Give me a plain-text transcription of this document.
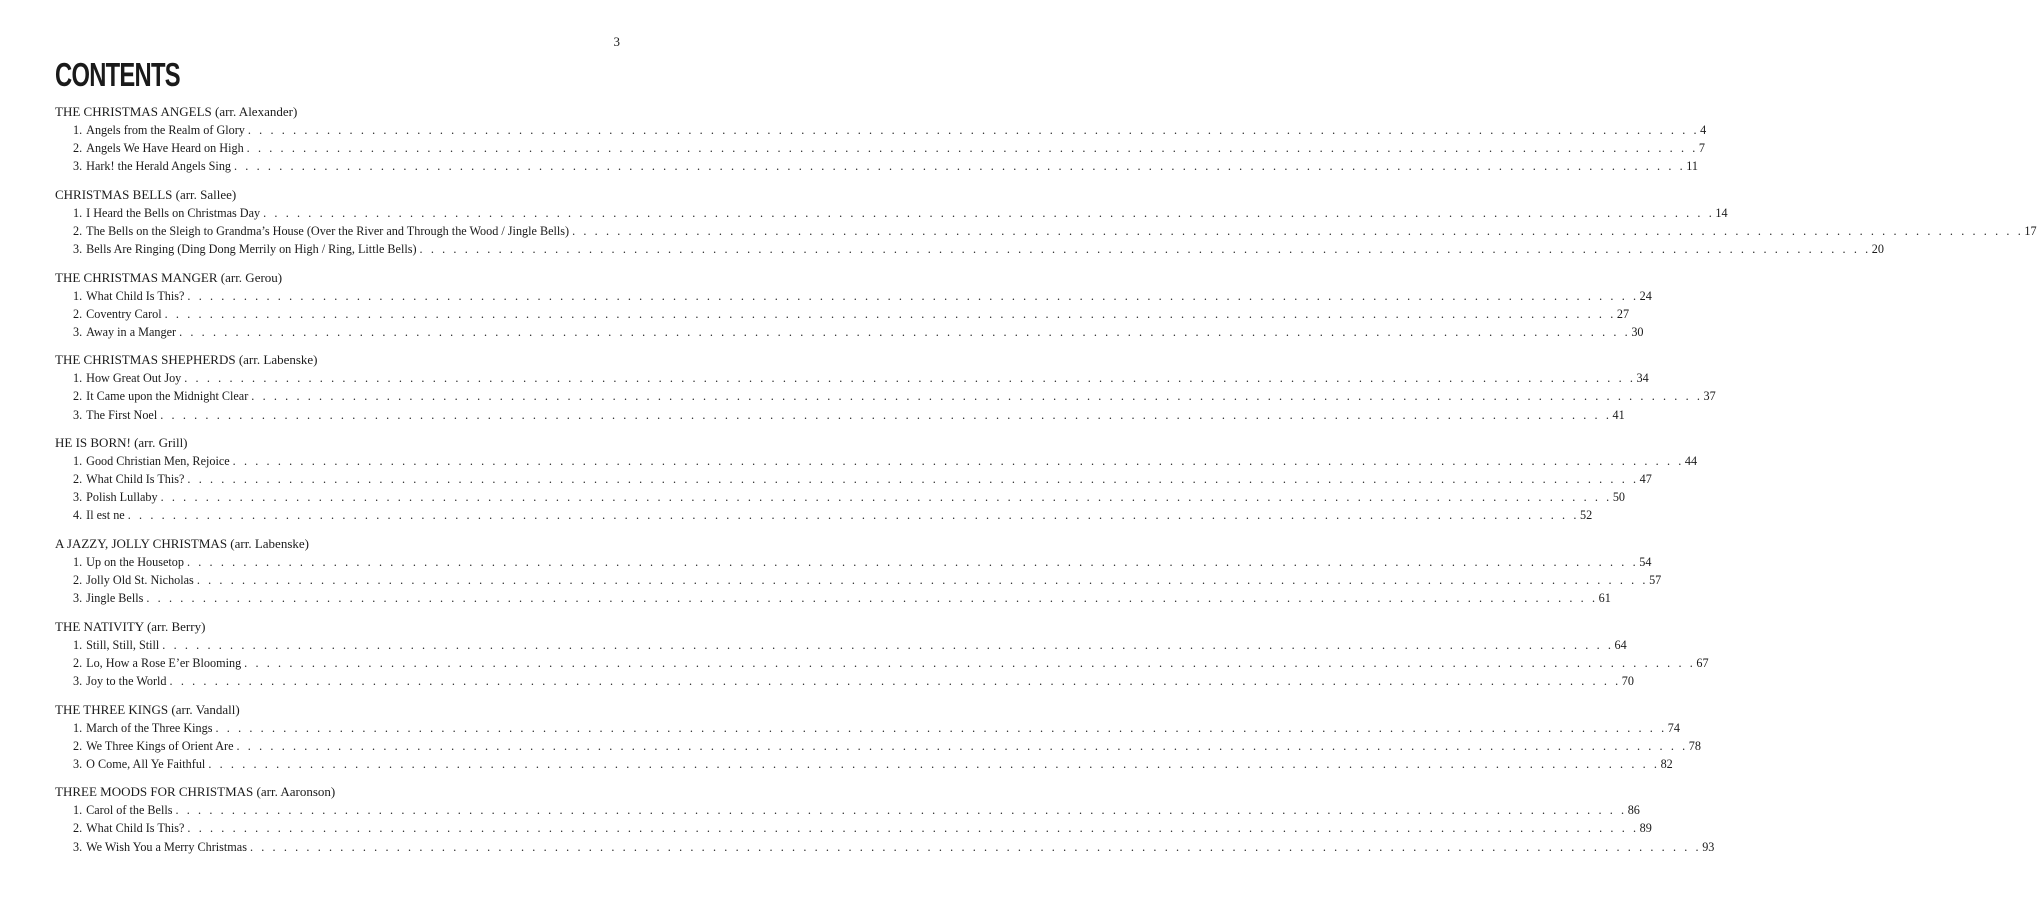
3
CONTENTS
THE CHRISTMAS ANGELS (arr. Alexander)
1. Angels from the Realm of Glory . . . . . . . . . . . . . . . . . . . . . . . . . . . . . . . . . . . . . . . . . . . . . . . . . . . . . . . . . . . . . . . . . . . . . . . . . . . . . . . . . . . . . . . . . . . . . . . . . . . . . . . . . . . . . . . . . . . . . . . . . . . . . . . . . 4
2. Angels We Have Heard on High . . . . . . . . . . . . . . . . . . . . . . . . . . . . . . . . . . . . . . . . . . . . . . . . . . . . . . . . . . . . . . . . . . . . . . . . . . . . . . . . . . . . . . . . . . . . . . . . . . . . . . . . . . . . . . . . . . . . . . . . . . . . . . . . . 7
3. Hark! the Herald Angels Sing . . . . . . . . . . . . . . . . . . . . . . . . . . . . . . . . . . . . . . . . . . . . . . . . . . . . . . . . . . . . . . . . . . . . . . . . . . . . . . . . . . . . . . . . . . . . . . . . . . . . . . . . . . . . . . . . . . . . . . . . . . . . . . . . . 11
CHRISTMAS BELLS (arr. Sallee)
1. I Heard the Bells on Christmas Day . . . . . . . . . . . . . . . . . . . . . . . . . . . . . . . . . . . . . . . . . . . . . . . . . . . . . . . . . . . . . . . . . . . . . . . . . . . . . . . . . . . . . . . . . . . . . . . . . . . . . . . . . . . . . . . . . . . . . . . . . . . . . . . . . 14
2. The Bells on the Sleigh to Grandma’s House (Over the River and Through the Wood / Jingle Bells) . . . . . . . . . . . . . . . . . . . . . . . . . . . . . . . . . . . . . . . . . . . . . . . . . . . . . . . . . . . . . . . . . . . . . . . . . . . . . . . . . . . . . . . . . . . . . . . . . . . . . . . . . . . . . . . . . . . . . . . . . . . . . . . . . 17
3. Bells Are Ringing (Ding Dong Merrily on High / Ring, Little Bells) . . . . . . . . . . . . . . . . . . . . . . . . . . . . . . . . . . . . . . . . . . . . . . . . . . . . . . . . . . . . . . . . . . . . . . . . . . . . . . . . . . . . . . . . . . . . . . . . . . . . . . . . . . . . . . . . . . . . . . . . . . . . . . . . . 20
THE CHRISTMAS MANGER (arr. Gerou)
1. What Child Is This? . . . . . . . . . . . . . . . . . . . . . . . . . . . . . . . . . . . . . . . . . . . . . . . . . . . . . . . . . . . . . . . . . . . . . . . . . . . . . . . . . . . . . . . . . . . . . . . . . . . . . . . . . . . . . . . . . . . . . . . . . . . . . . . . . 24
2. Coventry Carol . . . . . . . . . . . . . . . . . . . . . . . . . . . . . . . . . . . . . . . . . . . . . . . . . . . . . . . . . . . . . . . . . . . . . . . . . . . . . . . . . . . . . . . . . . . . . . . . . . . . . . . . . . . . . . . . . . . . . . . . . . . . . . . . . 27
3. Away in a Manger . . . . . . . . . . . . . . . . . . . . . . . . . . . . . . . . . . . . . . . . . . . . . . . . . . . . . . . . . . . . . . . . . . . . . . . . . . . . . . . . . . . . . . . . . . . . . . . . . . . . . . . . . . . . . . . . . . . . . . . . . . . . . . . . . 30
THE CHRISTMAS SHEPHERDS (arr. Labenske)
1. How Great Out Joy . . . . . . . . . . . . . . . . . . . . . . . . . . . . . . . . . . . . . . . . . . . . . . . . . . . . . . . . . . . . . . . . . . . . . . . . . . . . . . . . . . . . . . . . . . . . . . . . . . . . . . . . . . . . . . . . . . . . . . . . . . . . . . . . . 34
2. It Came upon the Midnight Clear . . . . . . . . . . . . . . . . . . . . . . . . . . . . . . . . . . . . . . . . . . . . . . . . . . . . . . . . . . . . . . . . . . . . . . . . . . . . . . . . . . . . . . . . . . . . . . . . . . . . . . . . . . . . . . . . . . . . . . . . . . . . . . . . . 37
3. The First Noel . . . . . . . . . . . . . . . . . . . . . . . . . . . . . . . . . . . . . . . . . . . . . . . . . . . . . . . . . . . . . . . . . . . . . . . . . . . . . . . . . . . . . . . . . . . . . . . . . . . . . . . . . . . . . . . . . . . . . . . . . . . . . . . . . 41
HE IS BORN! (arr. Grill)
1. Good Christian Men, Rejoice . . . . . . . . . . . . . . . . . . . . . . . . . . . . . . . . . . . . . . . . . . . . . . . . . . . . . . . . . . . . . . . . . . . . . . . . . . . . . . . . . . . . . . . . . . . . . . . . . . . . . . . . . . . . . . . . . . . . . . . . . . . . . . . . . 44
2. What Child Is This? . . . . . . . . . . . . . . . . . . . . . . . . . . . . . . . . . . . . . . . . . . . . . . . . . . . . . . . . . . . . . . . . . . . . . . . . . . . . . . . . . . . . . . . . . . . . . . . . . . . . . . . . . . . . . . . . . . . . . . . . . . . . . . . . . 47
3. Polish Lullaby . . . . . . . . . . . . . . . . . . . . . . . . . . . . . . . . . . . . . . . . . . . . . . . . . . . . . . . . . . . . . . . . . . . . . . . . . . . . . . . . . . . . . . . . . . . . . . . . . . . . . . . . . . . . . . . . . . . . . . . . . . . . . . . . . 50
4. Il est ne . . . . . . . . . . . . . . . . . . . . . . . . . . . . . . . . . . . . . . . . . . . . . . . . . . . . . . . . . . . . . . . . . . . . . . . . . . . . . . . . . . . . . . . . . . . . . . . . . . . . . . . . . . . . . . . . . . . . . . . . . . . . . . . . . 52
A JAZZY, JOLLY CHRISTMAS (arr. Labenske)
1. Up on the Housetop . . . . . . . . . . . . . . . . . . . . . . . . . . . . . . . . . . . . . . . . . . . . . . . . . . . . . . . . . . . . . . . . . . . . . . . . . . . . . . . . . . . . . . . . . . . . . . . . . . . . . . . . . . . . . . . . . . . . . . . . . . . . . . . . . 54
2. Jolly Old St. Nicholas . . . . . . . . . . . . . . . . . . . . . . . . . . . . . . . . . . . . . . . . . . . . . . . . . . . . . . . . . . . . . . . . . . . . . . . . . . . . . . . . . . . . . . . . . . . . . . . . . . . . . . . . . . . . . . . . . . . . . . . . . . . . . . . . . 57
3. Jingle Bells . . . . . . . . . . . . . . . . . . . . . . . . . . . . . . . . . . . . . . . . . . . . . . . . . . . . . . . . . . . . . . . . . . . . . . . . . . . . . . . . . . . . . . . . . . . . . . . . . . . . . . . . . . . . . . . . . . . . . . . . . . . . . . . . . 61
THE NATIVITY (arr. Berry)
1. Still, Still, Still . . . . . . . . . . . . . . . . . . . . . . . . . . . . . . . . . . . . . . . . . . . . . . . . . . . . . . . . . . . . . . . . . . . . . . . . . . . . . . . . . . . . . . . . . . . . . . . . . . . . . . . . . . . . . . . . . . . . . . . . . . . . . . . . . 64
2. Lo, How a Rose E’er Blooming . . . . . . . . . . . . . . . . . . . . . . . . . . . . . . . . . . . . . . . . . . . . . . . . . . . . . . . . . . . . . . . . . . . . . . . . . . . . . . . . . . . . . . . . . . . . . . . . . . . . . . . . . . . . . . . . . . . . . . . . . . . . . . . . . 67
3. Joy to the World . . . . . . . . . . . . . . . . . . . . . . . . . . . . . . . . . . . . . . . . . . . . . . . . . . . . . . . . . . . . . . . . . . . . . . . . . . . . . . . . . . . . . . . . . . . . . . . . . . . . . . . . . . . . . . . . . . . . . . . . . . . . . . . . . 70
THE THREE KINGS (arr. Vandall)
1. March of the Three Kings . . . . . . . . . . . . . . . . . . . . . . . . . . . . . . . . . . . . . . . . . . . . . . . . . . . . . . . . . . . . . . . . . . . . . . . . . . . . . . . . . . . . . . . . . . . . . . . . . . . . . . . . . . . . . . . . . . . . . . . . . . . . . . . . . 74
2. We Three Kings of Orient Are . . . . . . . . . . . . . . . . . . . . . . . . . . . . . . . . . . . . . . . . . . . . . . . . . . . . . . . . . . . . . . . . . . . . . . . . . . . . . . . . . . . . . . . . . . . . . . . . . . . . . . . . . . . . . . . . . . . . . . . . . . . . . . . . . 78
3. O Come, All Ye Faithful . . . . . . . . . . . . . . . . . . . . . . . . . . . . . . . . . . . . . . . . . . . . . . . . . . . . . . . . . . . . . . . . . . . . . . . . . . . . . . . . . . . . . . . . . . . . . . . . . . . . . . . . . . . . . . . . . . . . . . . . . . . . . . . . . 82
THREE MOODS FOR CHRISTMAS (arr. Aaronson)
1. Carol of the Bells . . . . . . . . . . . . . . . . . . . . . . . . . . . . . . . . . . . . . . . . . . . . . . . . . . . . . . . . . . . . . . . . . . . . . . . . . . . . . . . . . . . . . . . . . . . . . . . . . . . . . . . . . . . . . . . . . . . . . . . . . . . . . . . . . 86
2. What Child Is This? . . . . . . . . . . . . . . . . . . . . . . . . . . . . . . . . . . . . . . . . . . . . . . . . . . . . . . . . . . . . . . . . . . . . . . . . . . . . . . . . . . . . . . . . . . . . . . . . . . . . . . . . . . . . . . . . . . . . . . . . . . . . . . . . . 89
3. We Wish You a Merry Christmas . . . . . . . . . . . . . . . . . . . . . . . . . . . . . . . . . . . . . . . . . . . . . . . . . . . . . . . . . . . . . . . . . . . . . . . . . . . . . . . . . . . . . . . . . . . . . . . . . . . . . . . . . . . . . . . . . . . . . . . . . . . . . . . . . 93
